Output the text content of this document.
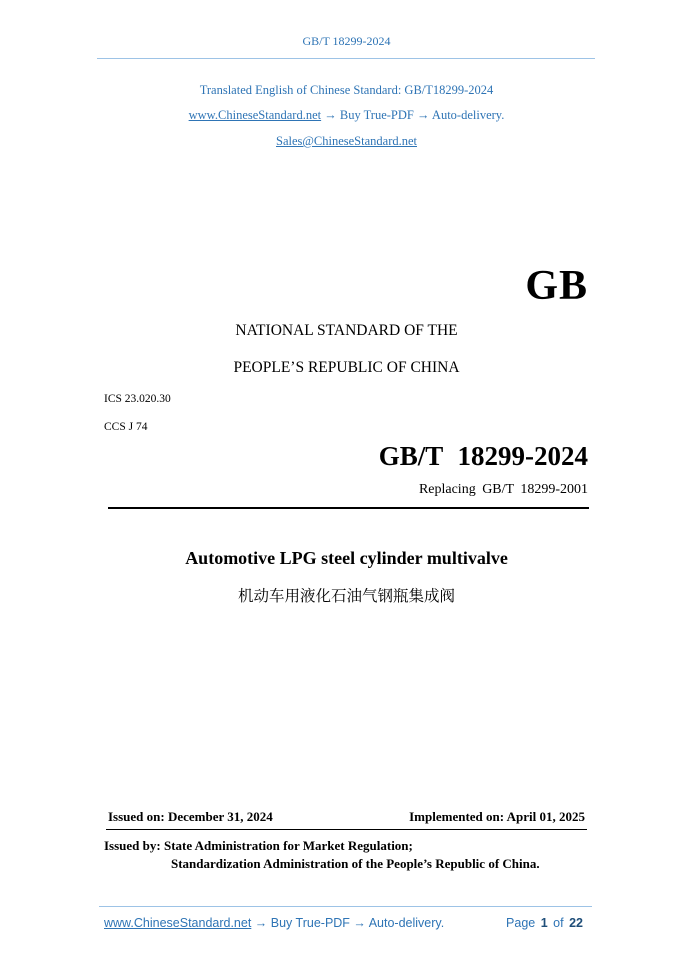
GB/T 18299-2024
Translated English of Chinese Standard: GB/T18299-2024
www.ChineseStandard.net → Buy True-PDF → Auto-delivery.
Sales@ChineseStandard.net
GB
NATIONAL STANDARD OF THE
PEOPLE’S REPUBLIC OF CHINA
ICS 23.020.30
CCS J 74
GB/T 18299-2024
Replacing GB/T 18299-2001
Automotive LPG steel cylinder multivalve
机动车用液化石油气钢瓶集成阀
Issued on: December 31, 2024	Implemented on: April 01, 2025
Issued by: State Administration for Market Regulation;
Standardization Administration of the People’s Republic of China.
www.ChineseStandard.net → Buy True-PDF → Auto-delivery.	Page 1 of 22
